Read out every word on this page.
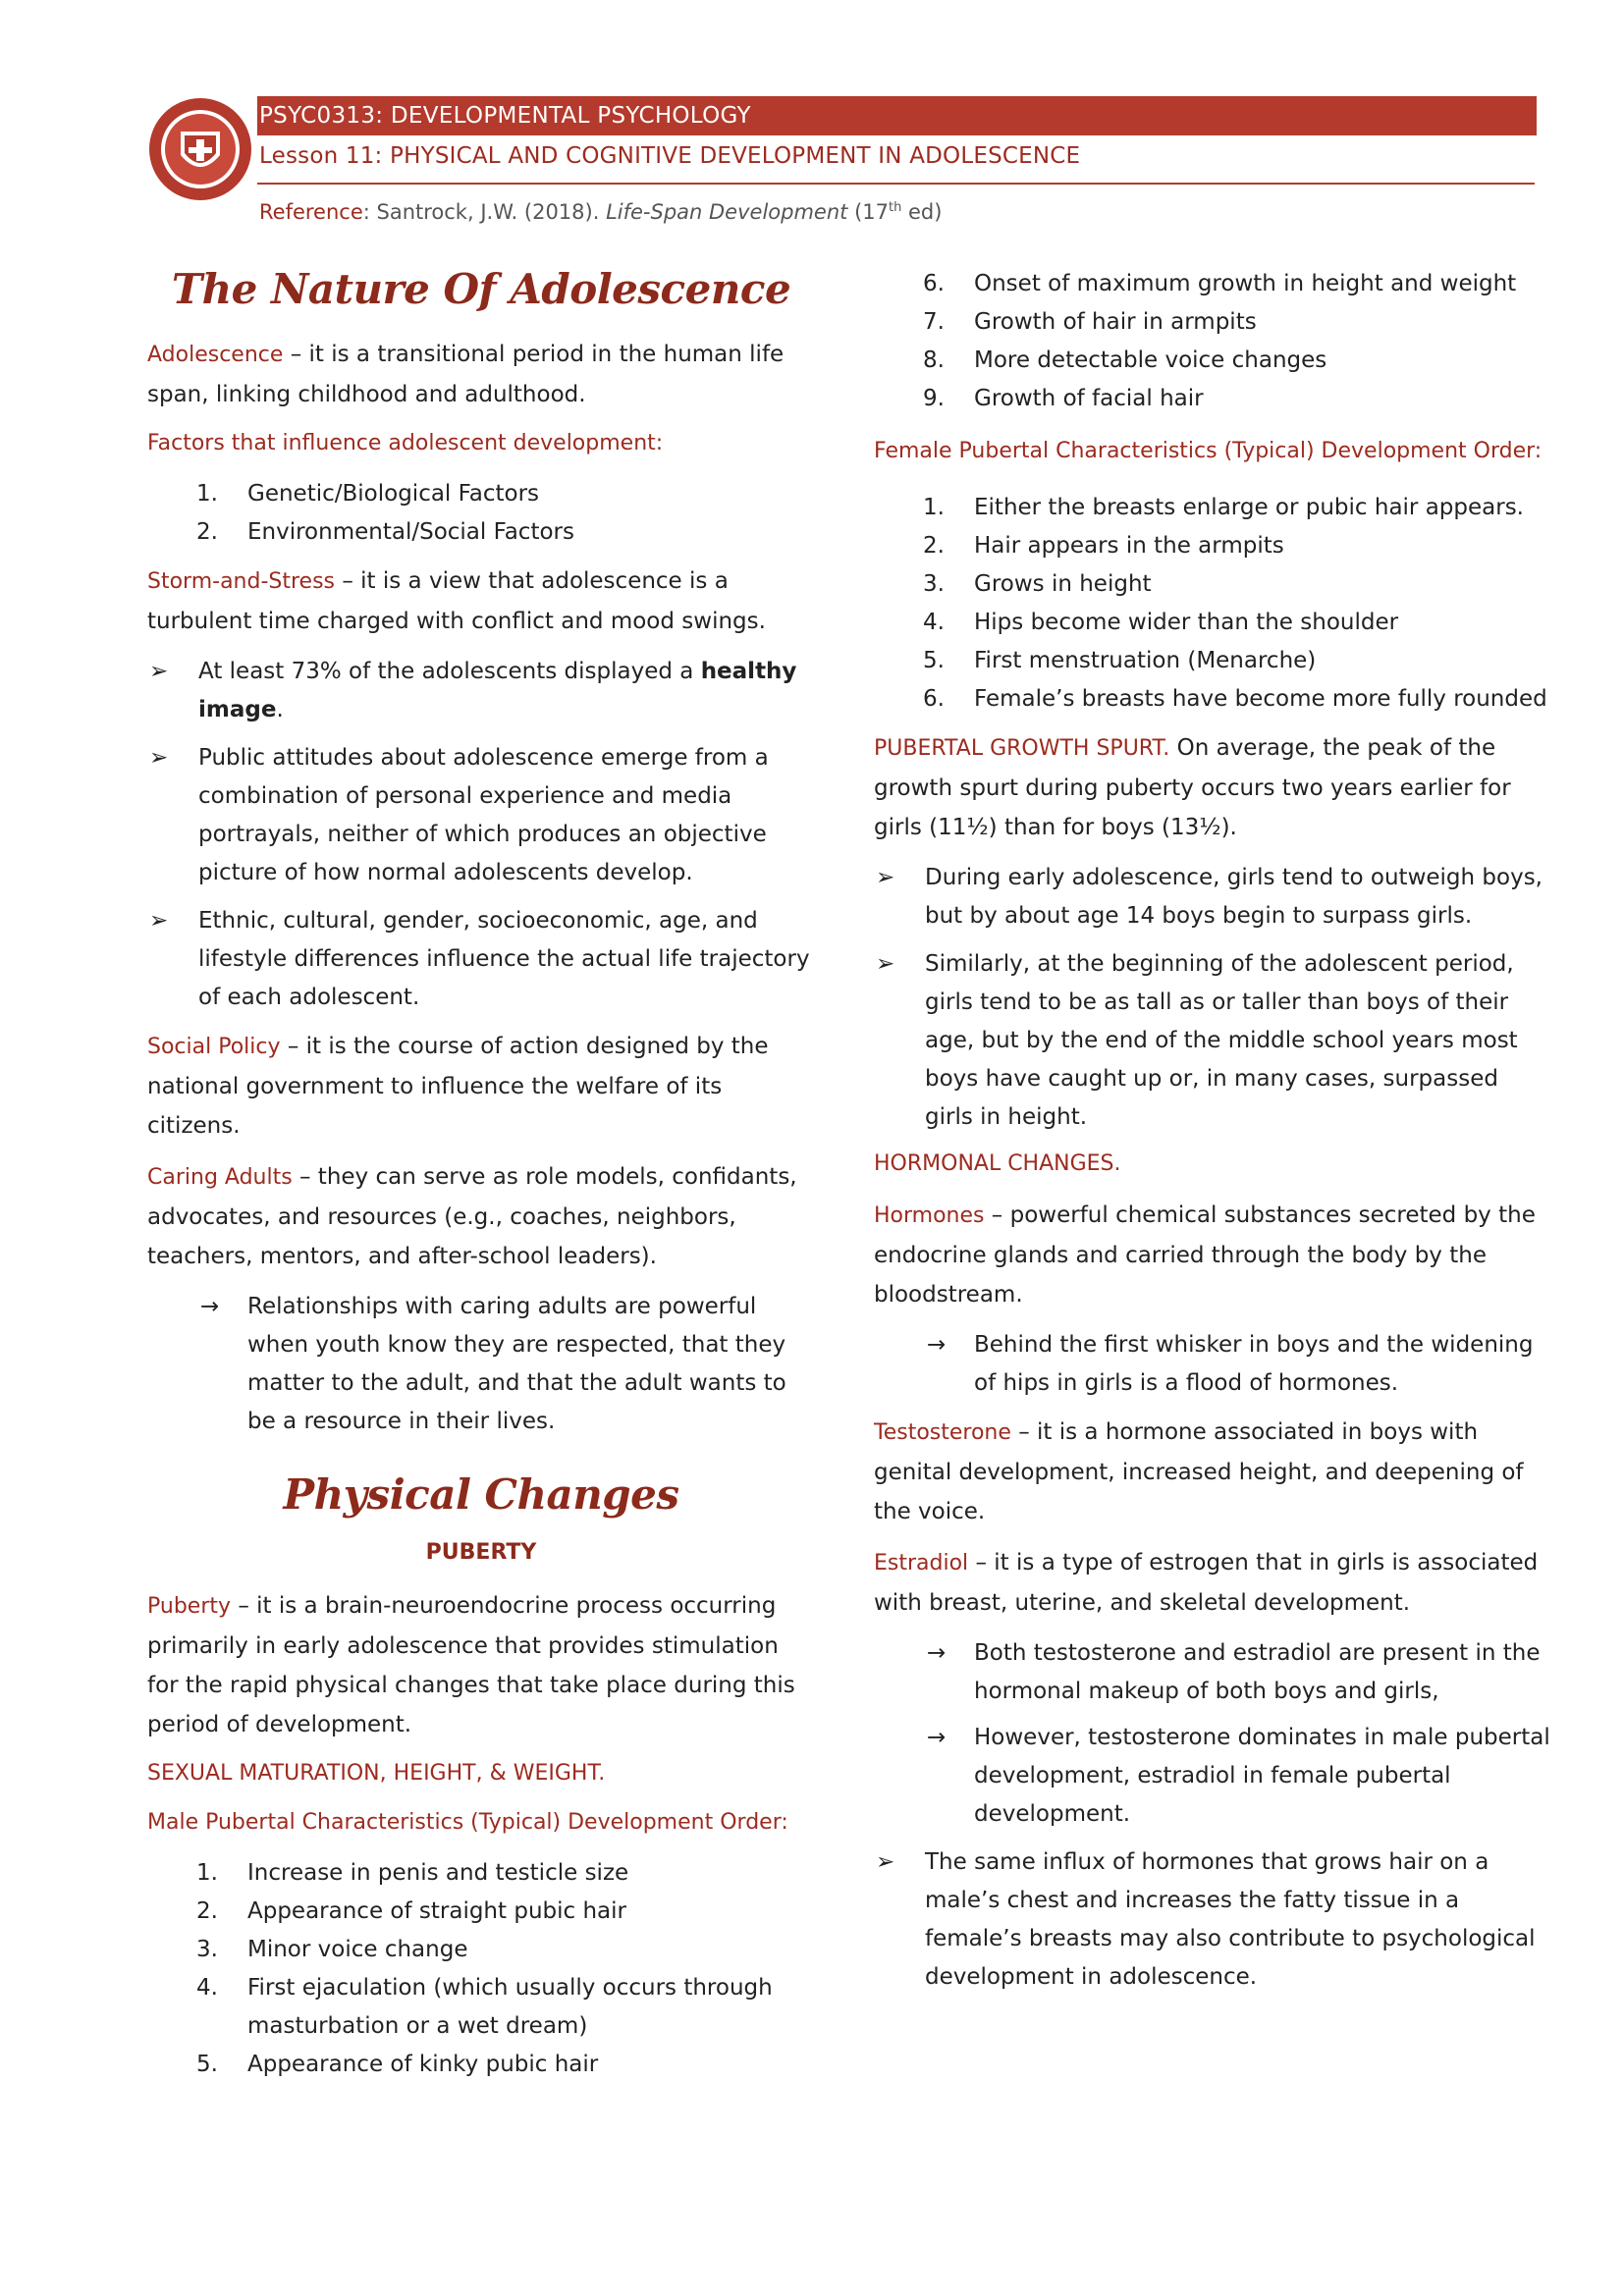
PSYC0313: DEVELOPMENTAL PSYCHOLOGY
Lesson 11: PHYSICAL AND COGNITIVE DEVELOPMENT IN ADOLESCENCE
Reference: Santrock, J.W. (2018). Life-Span Development (17th ed)
The Nature Of Adolescence

Adolescence – it is a transitional period in the human life span, linking childhood and adulthood.

Factors that influence adolescent development:
1. Genetic/Biological Factors
2. Environmental/Social Factors

Storm-and-Stress – it is a view that adolescence is a turbulent time charged with conflict and mood swings.

➢ At least 73% of the adolescents displayed a healthy image.
➢ Public attitudes about adolescence emerge from a combination of personal experience and media portrayals, neither of which produces an objective picture of how normal adolescents develop.
➢ Ethnic, cultural, gender, socioeconomic, age, and lifestyle differences influence the actual life trajectory of each adolescent.

Social Policy – it is the course of action designed by the national government to influence the welfare of its citizens.

Caring Adults – they can serve as role models, confidants, advocates, and resources (e.g., coaches, neighbors, teachers, mentors, and after-school leaders).

→ Relationships with caring adults are powerful when youth know they are respected, that they matter to the adult, and that the adult wants to be a resource in their lives.
Physical Changes
PUBERTY

Puberty – it is a brain-neuroendocrine process occurring primarily in early adolescence that provides stimulation for the rapid physical changes that take place during this period of development.

SEXUAL MATURATION, HEIGHT, & WEIGHT.
Male Pubertal Characteristics (Typical) Development Order:
1. Increase in penis and testicle size
2. Appearance of straight pubic hair
3. Minor voice change
4. First ejaculation (which usually occurs through masturbation or a wet dream)
5. Appearance of kinky pubic hair
6. Onset of maximum growth in height and weight
7. Growth of hair in armpits
8. More detectable voice changes
9. Growth of facial hair
Female Pubertal Characteristics (Typical) Development Order:
1. Either the breasts enlarge or pubic hair appears.
2. Hair appears in the armpits
3. Grows in height
4. Hips become wider than the shoulder
5. First menstruation (Menarche)
6. Female’s breasts have become more fully rounded

PUBERTAL GROWTH SPURT. On average, the peak of the growth spurt during puberty occurs two years earlier for girls (11½) than for boys (13½).

➢ During early adolescence, girls tend to outweigh boys, but by about age 14 boys begin to surpass girls.
➢ Similarly, at the beginning of the adolescent period, girls tend to be as tall as or taller than boys of their age, but by the end of the middle school years most boys have caught up or, in many cases, surpassed girls in height.
HORMONAL CHANGES.

Hormones – powerful chemical substances secreted by the endocrine glands and carried through the body by the bloodstream.

→ Behind the first whisker in boys and the widening of hips in girls is a flood of hormones.

Testosterone – it is a hormone associated in boys with genital development, increased height, and deepening of the voice.

Estradiol – it is a type of estrogen that in girls is associated with breast, uterine, and skeletal development.

→ Both testosterone and estradiol are present in the hormonal makeup of both boys and girls,
→ However, testosterone dominates in male pubertal development, estradiol in female pubertal development.
➢ The same influx of hormones that grows hair on a male’s chest and increases the fatty tissue in a female’s breasts may also contribute to psychological development in adolescence.
